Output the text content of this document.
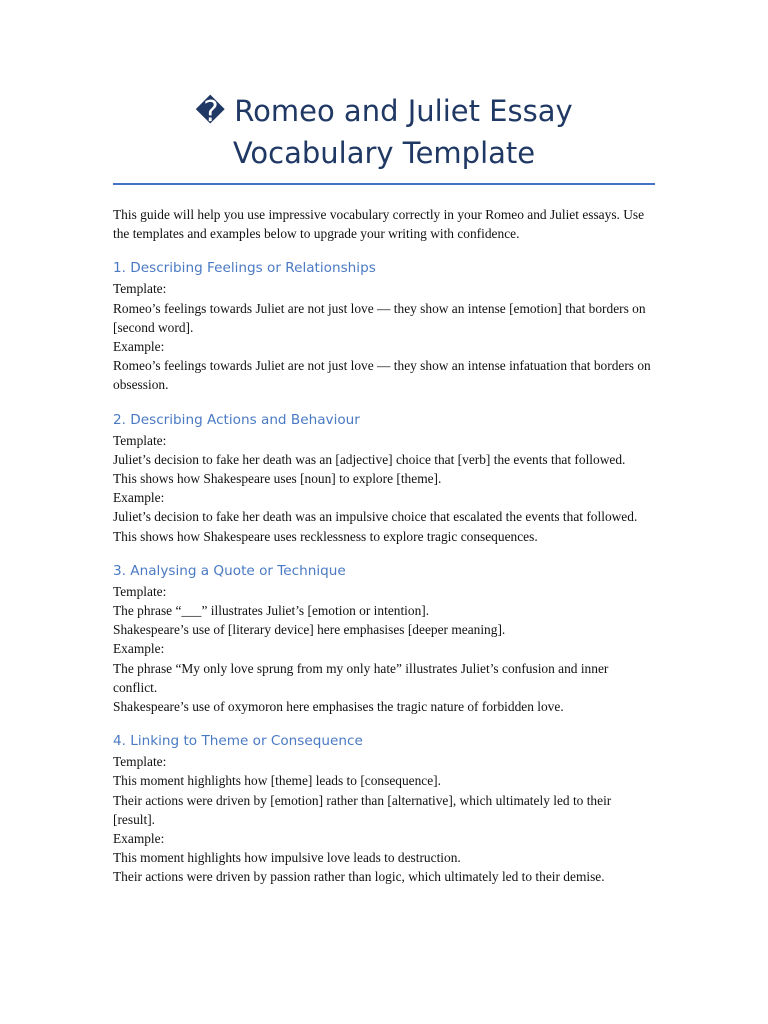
� Romeo and Juliet Essay Vocabulary Template

This guide will help you use impressive vocabulary correctly in your Romeo and Juliet essays. Use the templates and examples below to upgrade your writing with confidence.

1. Describing Feelings or Relationships

Template:

Romeo’s feelings towards Juliet are not just love — they show an intense [emotion] that borders on [second word].

Example:

Romeo’s feelings towards Juliet are not just love — they show an intense infatuation that borders on obsession.

2. Describing Actions and Behaviour

Template:

Juliet’s decision to fake her death was an [adjective] choice that [verb] the events that followed.

This shows how Shakespeare uses [noun] to explore [theme].

Example:

Juliet’s decision to fake her death was an impulsive choice that escalated the events that followed.

This shows how Shakespeare uses recklessness to explore tragic consequences.

3. Analysing a Quote or Technique

Template:

The phrase “___” illustrates Juliet’s [emotion or intention].

Shakespeare’s use of [literary device] here emphasises [deeper meaning].

Example:

The phrase “My only love sprung from my only hate” illustrates Juliet’s confusion and inner conflict.

Shakespeare’s use of oxymoron here emphasises the tragic nature of forbidden love.

4. Linking to Theme or Consequence

Template:

This moment highlights how [theme] leads to [consequence].

Their actions were driven by [emotion] rather than [alternative], which ultimately led to their [result].

Example:

This moment highlights how impulsive love leads to destruction.

Their actions were driven by passion rather than logic, which ultimately led to their demise.
